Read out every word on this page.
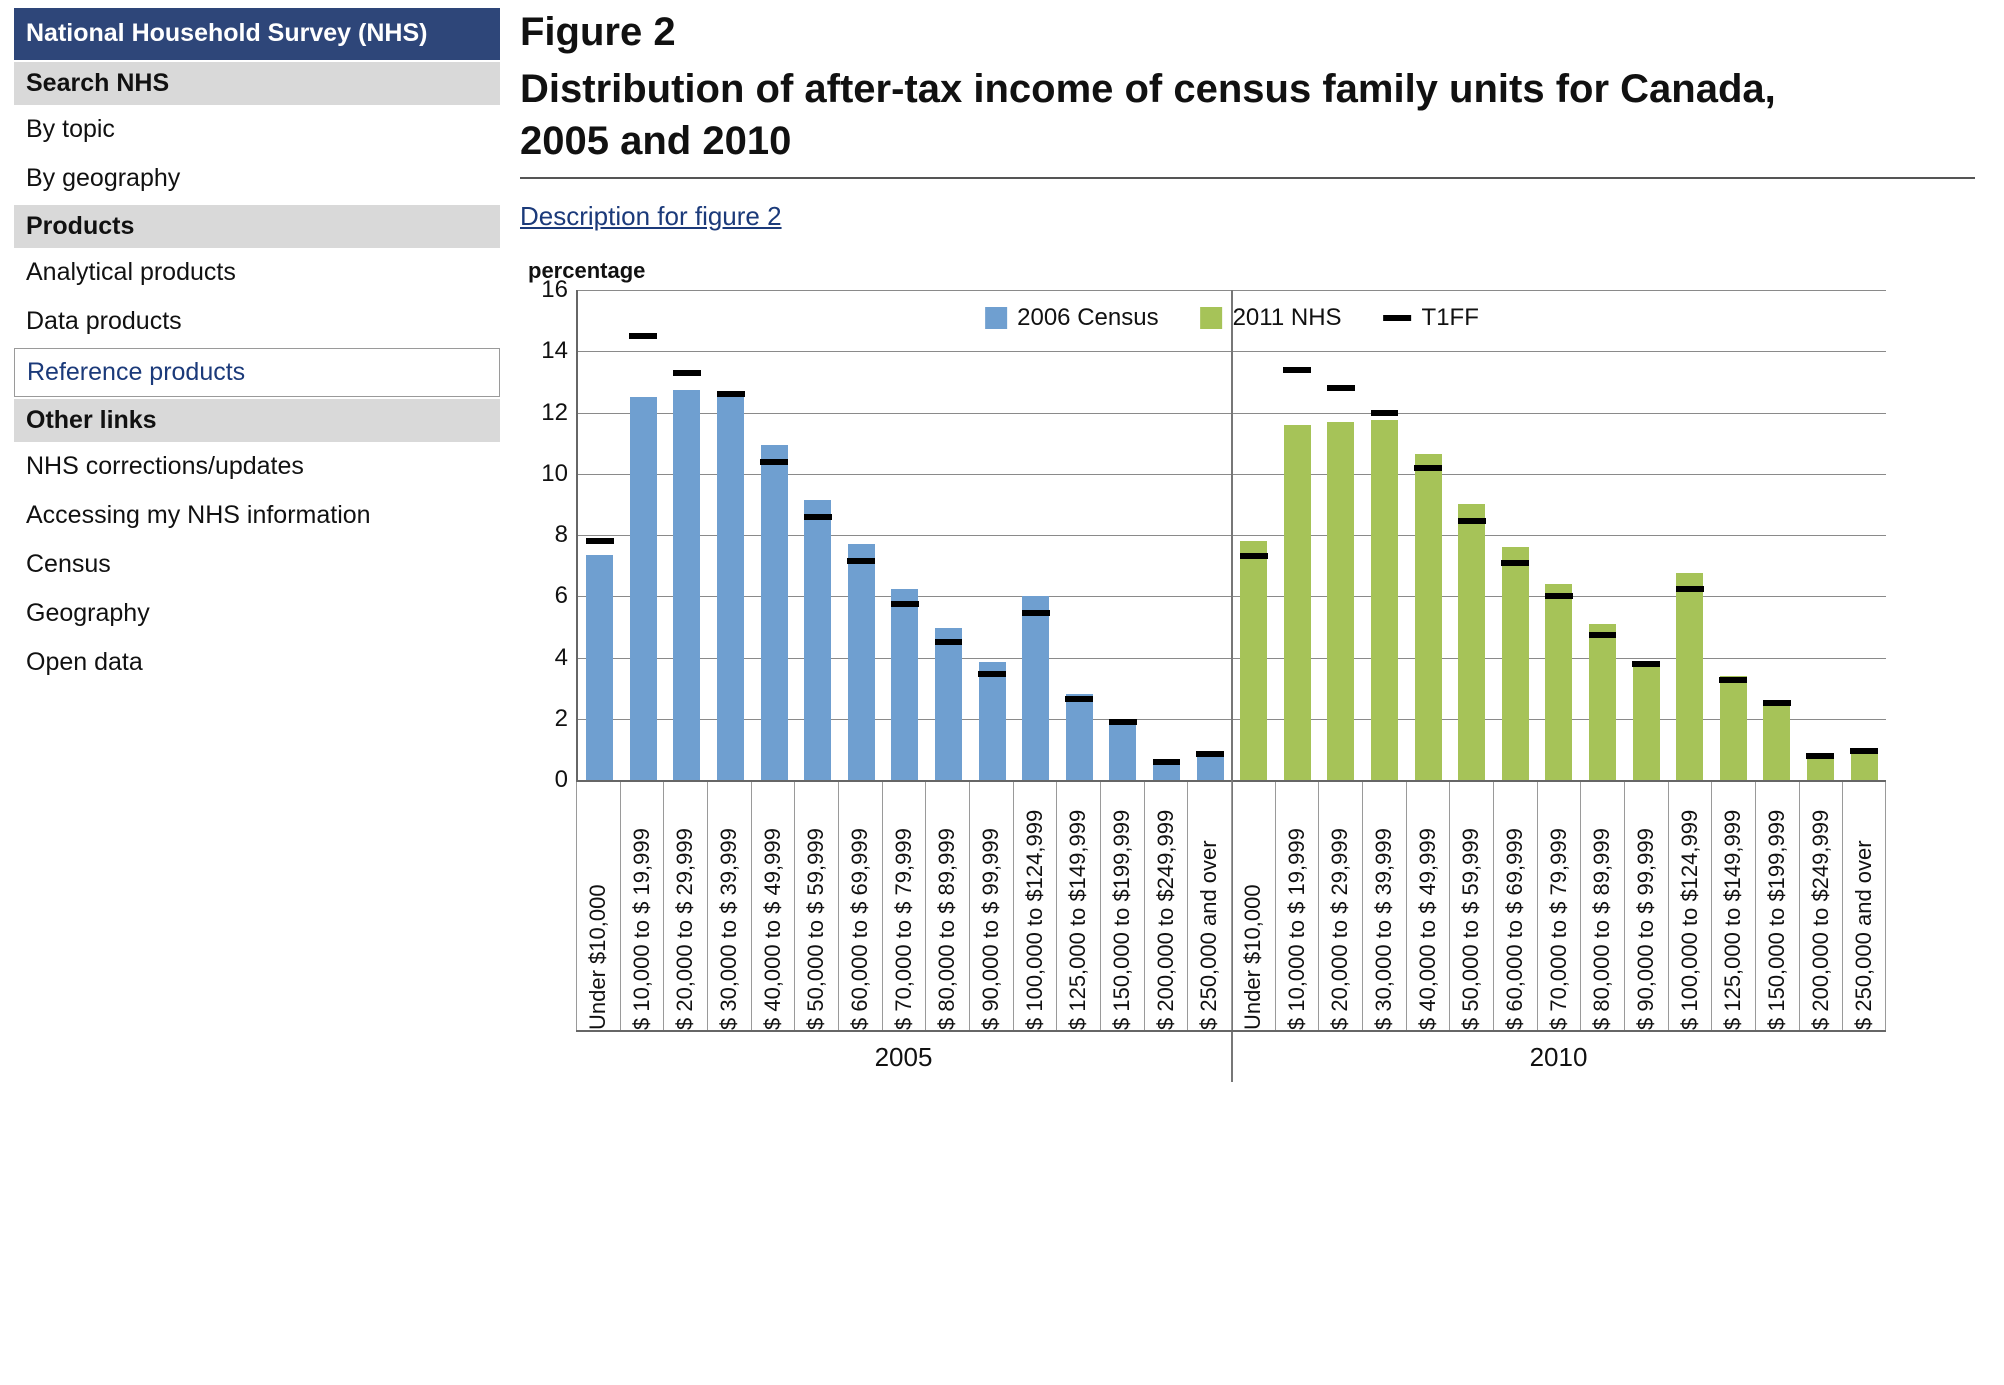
National Household Survey (NHS)
Search NHS
By topic
By geography
Products
Analytical products
Data products
Reference products
Other links
NHS corrections/updates
Accessing my NHS information
Census
Geography
Open data
Figure 2
Distribution of after-tax income of census family units for Canada, 2005 and 2010
Description for figure 2
percentage
0
2
4
6
8
10
12
14
16
2006 Census	2011 NHS	T1FF
Under $10,000 $ 10,000 to $ 19,999 $ 20,000 to $ 29,999 $ 30,000 to $ 39,999 $ 40,000 to $ 49,999 $ 50,000 to $ 59,999 $ 60,000 to $ 69,999 $ 70,000 to $ 79,999 $ 80,000 to $ 89,999 $ 90,000 to $ 99,999 $ 100,000 to $124,999 $ 125,000 to $149,999 $ 150,000 to $199,999 $ 200,000 to $249,999 $ 250,000 and over Under $10,000 $ 10,000 to $ 19,999 $ 20,000 to $ 29,999 $ 30,000 to $ 39,999 $ 40,000 to $ 49,999 $ 50,000 to $ 59,999 $ 60,000 to $ 69,999 $ 70,000 to $ 79,999 $ 80,000 to $ 89,999 $ 90,000 to $ 99,999 $ 100,000 to $124,999 $ 125,000 to $149,999 $ 150,000 to $199,999 $ 200,000 to $249,999 $ 250,000 and over
2005	2010
